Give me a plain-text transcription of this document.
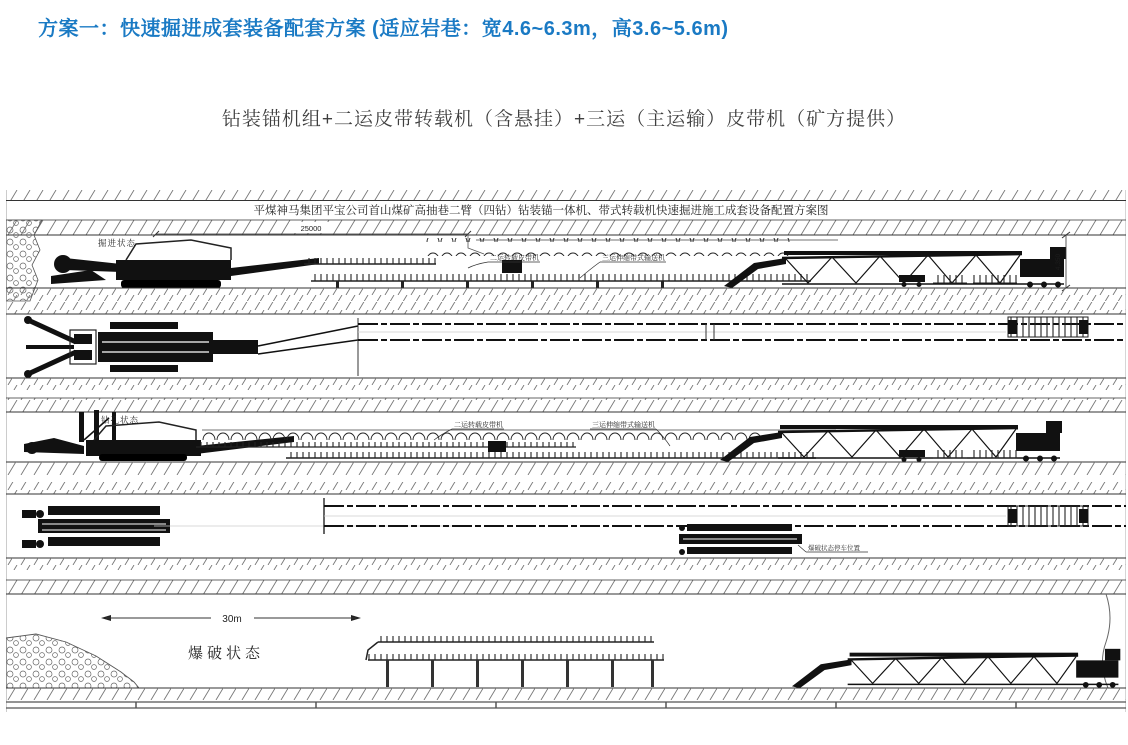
方案一：快速掘进成套装备配套方案 (适应岩巷：宽4.6~6.3m，高3.6~5.6m)
钻装锚机组+二运皮带转载机（含悬挂）+三运（主运输）皮带机（矿方提供）
平煤神马集团平宝公司首山煤矿高抽巷二臂（四钻）钻装锚一体机、带式转载机快速掘进施工成套设备配置方案图
掘进状态
25000
二运转载皮带机	三运伸缩带式输送机	4,350
钻孔状态
二运转载皮带机	三运伸缩带式输送机
爆破状态停车位置
30m
爆破状态
